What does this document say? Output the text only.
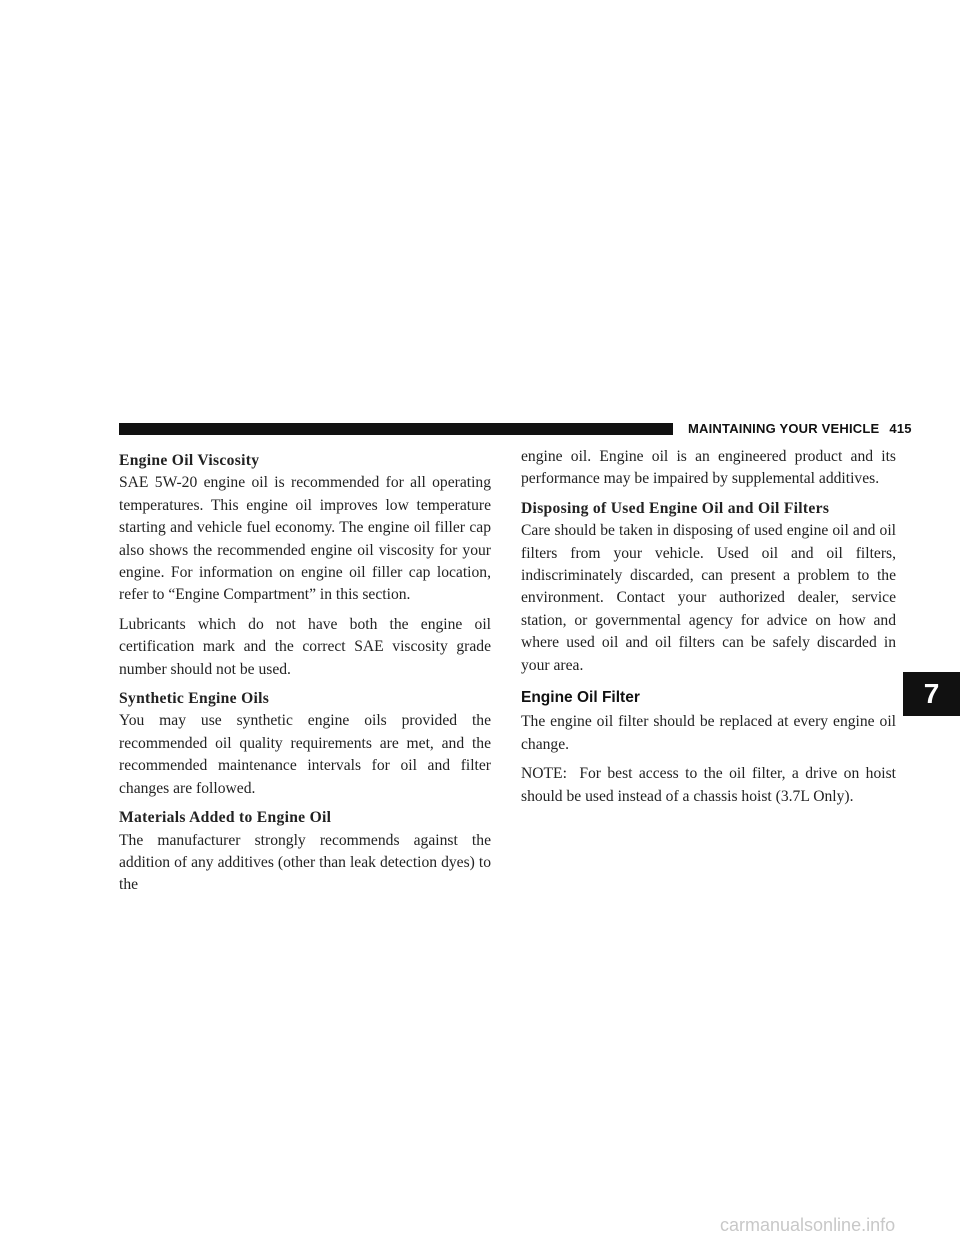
MAINTAINING YOUR VEHICLE 415
Engine Oil Viscosity
SAE 5W-20 engine oil is recommended for all operating temperatures. This engine oil improves low temperature starting and vehicle fuel economy. The engine oil filler cap also shows the recommended engine oil viscosity for your engine. For information on engine oil filler cap location, refer to “Engine Compartment” in this section.
Lubricants which do not have both the engine oil certification mark and the correct SAE viscosity grade number should not be used.
Synthetic Engine Oils
You may use synthetic engine oils provided the recommended oil quality requirements are met, and the recommended maintenance intervals for oil and filter changes are followed.
Materials Added to Engine Oil
The manufacturer strongly recommends against the addition of any additives (other than leak detection dyes) to the
engine oil. Engine oil is an engineered product and its performance may be impaired by supplemental additives.
Disposing of Used Engine Oil and Oil Filters
Care should be taken in disposing of used engine oil and oil filters from your vehicle. Used oil and oil filters, indiscriminately discarded, can present a problem to the environment. Contact your authorized dealer, service station, or governmental agency for advice on how and where used oil and oil filters can be safely discarded in your area.
Engine Oil Filter
The engine oil filter should be replaced at every engine oil change.
NOTE: For best access to the oil filter, a drive on hoist should be used instead of a chassis hoist (3.7L Only).
7
carmanualsonline.info
